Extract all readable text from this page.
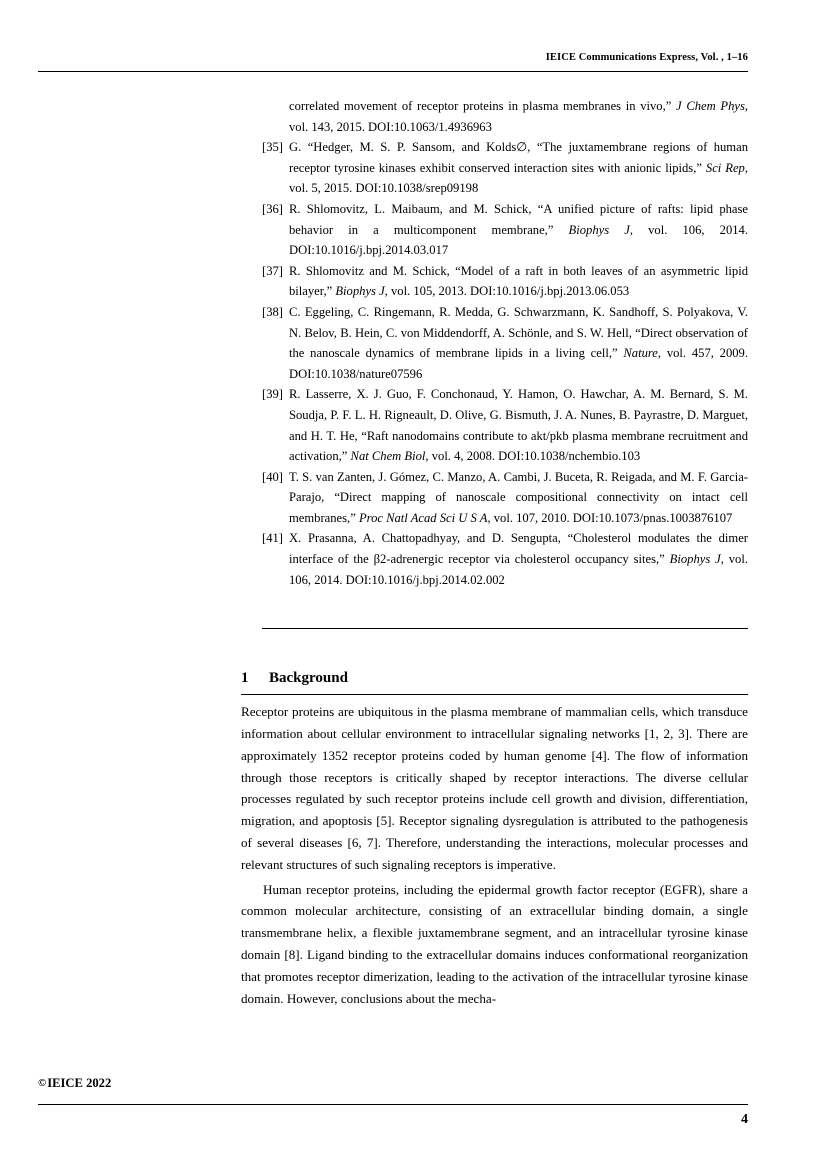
IEICE Communications Express, Vol. , 1–16
correlated movement of receptor proteins in plasma membranes in vivo,” J Chem Phys, vol. 143, 2015. DOI:10.1063/1.4936963
[35] G. “Hedger, M. S. P. Sansom, and Kolds∅, “The juxtamembrane regions of human receptor tyrosine kinases exhibit conserved interaction sites with anionic lipids,” Sci Rep, vol. 5, 2015. DOI:10.1038/srep09198
[36] R. Shlomovitz, L. Maibaum, and M. Schick, “A unified picture of rafts: lipid phase behavior in a multicomponent membrane,” Biophys J, vol. 106, 2014. DOI:10.1016/j.bpj.2014.03.017
[37] R. Shlomovitz and M. Schick, “Model of a raft in both leaves of an asymmetric lipid bilayer,” Biophys J, vol. 105, 2013. DOI:10.1016/j.bpj.2013.06.053
[38] C. Eggeling, C. Ringemann, R. Medda, G. Schwarzmann, K. Sandhoff, S. Polyakova, V. N. Belov, B. Hein, C. von Middendorff, A. Schönle, and S. W. Hell, “Direct observation of the nanoscale dynamics of membrane lipids in a living cell,” Nature, vol. 457, 2009. DOI:10.1038/nature07596
[39] R. Lasserre, X. J. Guo, F. Conchonaud, Y. Hamon, O. Hawchar, A. M. Bernard, S. M. Soudja, P. F. L. H. Rigneault, D. Olive, G. Bismuth, J. A. Nunes, B. Payrastre, D. Marguet, and H. T. He, “Raft nanodomains contribute to akt/pkb plasma membrane recruitment and activation,” Nat Chem Biol, vol. 4, 2008. DOI:10.1038/nchembio.103
[40] T. S. van Zanten, J. Gómez, C. Manzo, A. Cambi, J. Buceta, R. Reigada, and M. F. Garcia-Parajo, “Direct mapping of nanoscale compositional connectivity on intact cell membranes,” Proc Natl Acad Sci U S A, vol. 107, 2010. DOI:10.1073/pnas.1003876107
[41] X. Prasanna, A. Chattopadhyay, and D. Sengupta, “Cholesterol modulates the dimer interface of the β2-adrenergic receptor via cholesterol occupancy sites,” Biophys J, vol. 106, 2014. DOI:10.1016/j.bpj.2014.02.002
1	Background

Receptor proteins are ubiquitous in the plasma membrane of mammalian cells, which transduce information about cellular environment to intracellular signaling networks [1, 2, 3]. There are approximately 1352 receptor proteins coded by human genome [4]. The flow of information through those receptors is critically shaped by receptor interactions. The diverse cellular processes regulated by such receptor proteins include cell growth and division, differentiation, migration, and apoptosis [5]. Receptor signaling dysregulation is attributed to the pathogenesis of several diseases [6, 7]. Therefore, understanding the interactions, molecular processes and relevant structures of such signaling receptors is imperative.

Human receptor proteins, including the epidermal growth factor receptor (EGFR), share a common molecular architecture, consisting of an extracellular binding domain, a single transmembrane helix, a flexible juxtamembrane segment, and an intracellular tyrosine kinase domain [8]. Ligand binding to the extracellular domains induces conformational reorganization that promotes receptor dimerization, leading to the activation of the intracellular tyrosine kinase domain. However, conclusions about the mecha-

©IEICE 2022
4
